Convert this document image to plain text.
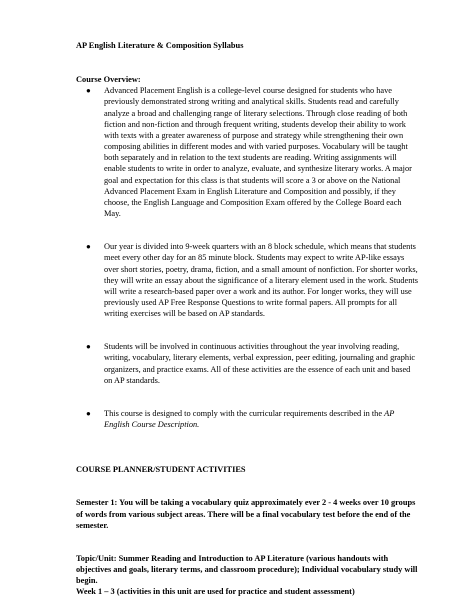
AP English Literature & Composition Syllabus

Course Overview:

● Advanced Placement English is a college-level course designed for students who have previously demonstrated strong writing and analytical skills. Students read and carefully analyze a broad and challenging range of literary selections. Through close reading of both fiction and non-fiction and through frequent writing, students develop their ability to work with texts with a greater awareness of purpose and strategy while strengthening their own composing abilities in different modes and with varied purposes. Vocabulary will be taught both separately and in relation to the text students are reading. Writing assignments will enable students to write in order to analyze, evaluate, and synthesize literary works. A major goal and expectation for this class is that students will score a 3 or above on the National Advanced Placement Exam in English Literature and Composition and possibly, if they choose, the English Language and Composition Exam offered by the College Board each May.

● Our year is divided into 9-week quarters with an 8 block schedule, which means that students meet every other day for an 85 minute block. Students may expect to write AP-like essays over short stories, poetry, drama, fiction, and a small amount of nonfiction. For shorter works, they will write an essay about the significance of a literary element used in the work. Students will write a research-based paper over a work and its author. For longer works, they will use previously used AP Free Response Questions to write formal papers. All prompts for all writing exercises will be based on AP standards.

● Students will be involved in continuous activities throughout the year involving reading, writing, vocabulary, literary elements, verbal expression, peer editing, journaling and graphic organizers, and practice exams. All of these activities are the essence of each unit and based on AP standards.

● This course is designed to comply with the curricular requirements described in the AP English Course Description.

COURSE PLANNER/STUDENT ACTIVITIES

Semester 1: You will be taking a vocabulary quiz approximately ever 2 - 4 weeks over 10 groups of words from various subject areas. There will be a final vocabulary test before the end of the semester.

Topic/Unit: Summer Reading and Introduction to AP Literature (various handouts with objectives and goals, literary terms, and classroom procedure); Individual vocabulary study will begin.

Week 1 – 3 (activities in this unit are used for practice and student assessment)
